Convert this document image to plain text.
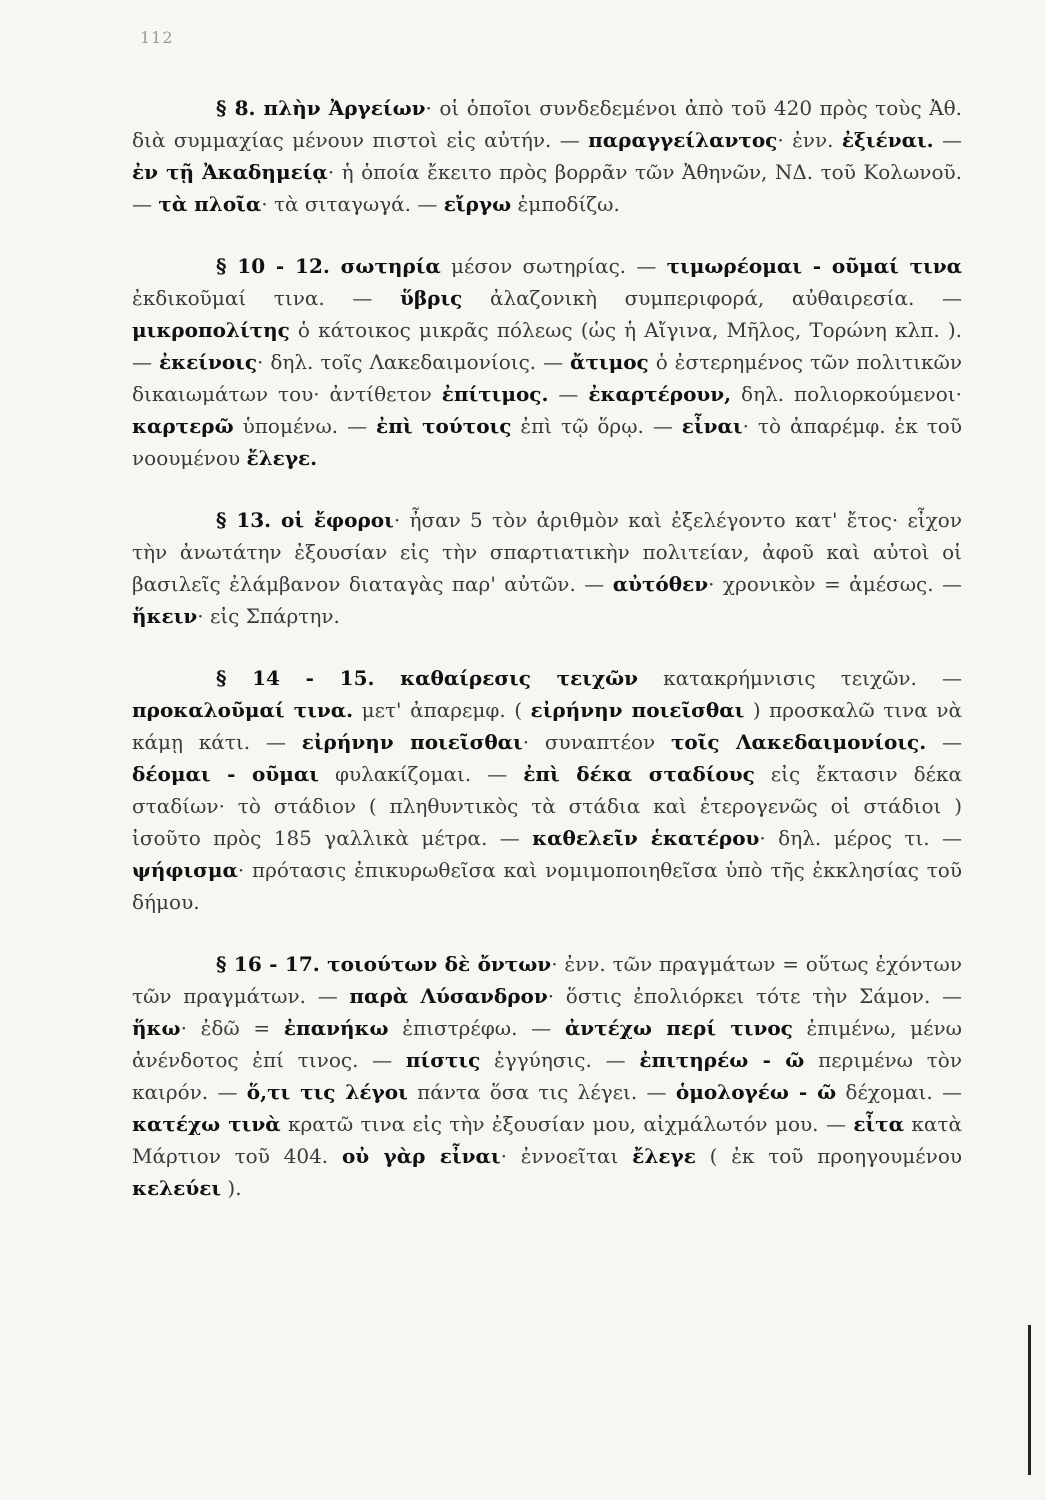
112

§ 8. πλὴν Ἀργείων· οἱ ὁποῖοι συνδεδεμένοι ἀπὸ τοῦ 420 πρὸς τοὺς Ἀθ. διὰ συμμαχίας μένουν πιστοὶ εἰς αὐτήν. — παραγγείλαντος· ἐνν. ἐξιέναι. — ἐν τῇ Ἀκαδημείᾳ· ἡ ὁποία ἔκειτο πρὸς βορρᾶν τῶν Ἀθηνῶν, ΝΔ. τοῦ Κολωνοῦ. — τὰ πλοῖα· τὰ σιταγωγά. — εἴργω ἐμποδίζω.

§ 10 - 12. σωτηρία μέσον σωτηρίας. — τιμωρέομαι - οῦμαί τινα ἐκδικοῦμαί τινα. — ὕβρις ἀλαζονικὴ συμπεριφορά, αὐθαιρεσία. — μικροπολίτης ὁ κάτοικος μικρᾶς πόλεως (ὡς ἡ Αἴγινα, Μῆλος, Τορώνη κλπ. ). — ἐκείνοις· δηλ. τοῖς Λακεδαιμονίοις. — ἄτιμος ὁ ἐστερημένος τῶν πολιτικῶν δικαιωμάτων του· ἀντίθετον ἐπίτιμος. — ἐκαρτέρουν, δηλ. πολιορκούμενοι· καρτερῶ ὑπομένω. — ἐπὶ τούτοις ἐπὶ τῷ ὅρῳ. — εἶναι· τὸ ἀπαρέμφ. ἐκ τοῦ νοουμένου ἔλεγε.

§ 13. οἱ ἔφοροι· ἦσαν 5 τὸν ἀριθμὸν καὶ ἐξελέγοντο κατ' ἔτος· εἶχον τὴν ἀνωτάτην ἐξουσίαν εἰς τὴν σπαρτιατικὴν πολιτείαν, ἀφοῦ καὶ αὐτοὶ οἱ βασιλεῖς ἐλάμβανον διαταγὰς παρ' αὐτῶν. — αὐτόθεν· χρονικὸν = ἀμέσως. — ἥκειν· εἰς Σπάρτην.

§ 14 - 15. καθαίρεσις τειχῶν κατακρήμνισις τειχῶν. — προκαλοῦμαί τινα. μετ' ἀπαρεμφ. ( εἰρήνην ποιεῖσθαι ) προσκαλῶ τινα νὰ κάμῃ κάτι. — εἰρήνην ποιεῖσθαι· συναπτέον τοῖς Λακεδαιμονίοις. — δέομαι - οῦμαι φυλακίζομαι. — ἐπὶ δέκα σταδίους εἰς ἔκτασιν δέκα σταδίων· τὸ στάδιον ( πληθυντικὸς τὰ στάδια καὶ ἑτερογενῶς οἱ στάδιοι ) ἰσοῦτο πρὸς 185 γαλλικὰ μέτρα. — καθελεῖν ἑκατέρου· δηλ. μέρος τι. — ψήφισμα· πρότασις ἐπικυρωθεῖσα καὶ νομιμοποιηθεῖσα ὑπὸ τῆς ἐκκλησίας τοῦ δήμου.

§ 16 - 17. τοιούτων δὲ ὄντων· ἐνν. τῶν πραγμάτων = οὕτως ἐχόντων τῶν πραγμάτων. — παρὰ Λύσανδρον· ὅστις ἐπολιόρκει τότε τὴν Σάμον. — ἥκω· ἐδῶ = ἐπανήκω ἐπιστρέφω. — ἀντέχω περί τινος ἐπιμένω, μένω ἀνένδοτος ἐπί τινος. — πίστις ἐγγύησις. — ἐπιτηρέω - ῶ περιμένω τὸν καιρόν. — ὅ,τι τις λέγοι πάντα ὅσα τις λέγει. — ὁμολογέω - ῶ δέχομαι. — κατέχω τινὰ κρατῶ τινα εἰς τὴν ἐξουσίαν μου, αἰχμάλωτόν μου. — εἶτα κατὰ Μάρτιον τοῦ 404. οὐ γὰρ εἶναι· ἐννοεῖται ἔλεγε ( ἐκ τοῦ προηγουμένου κελεύει ).
